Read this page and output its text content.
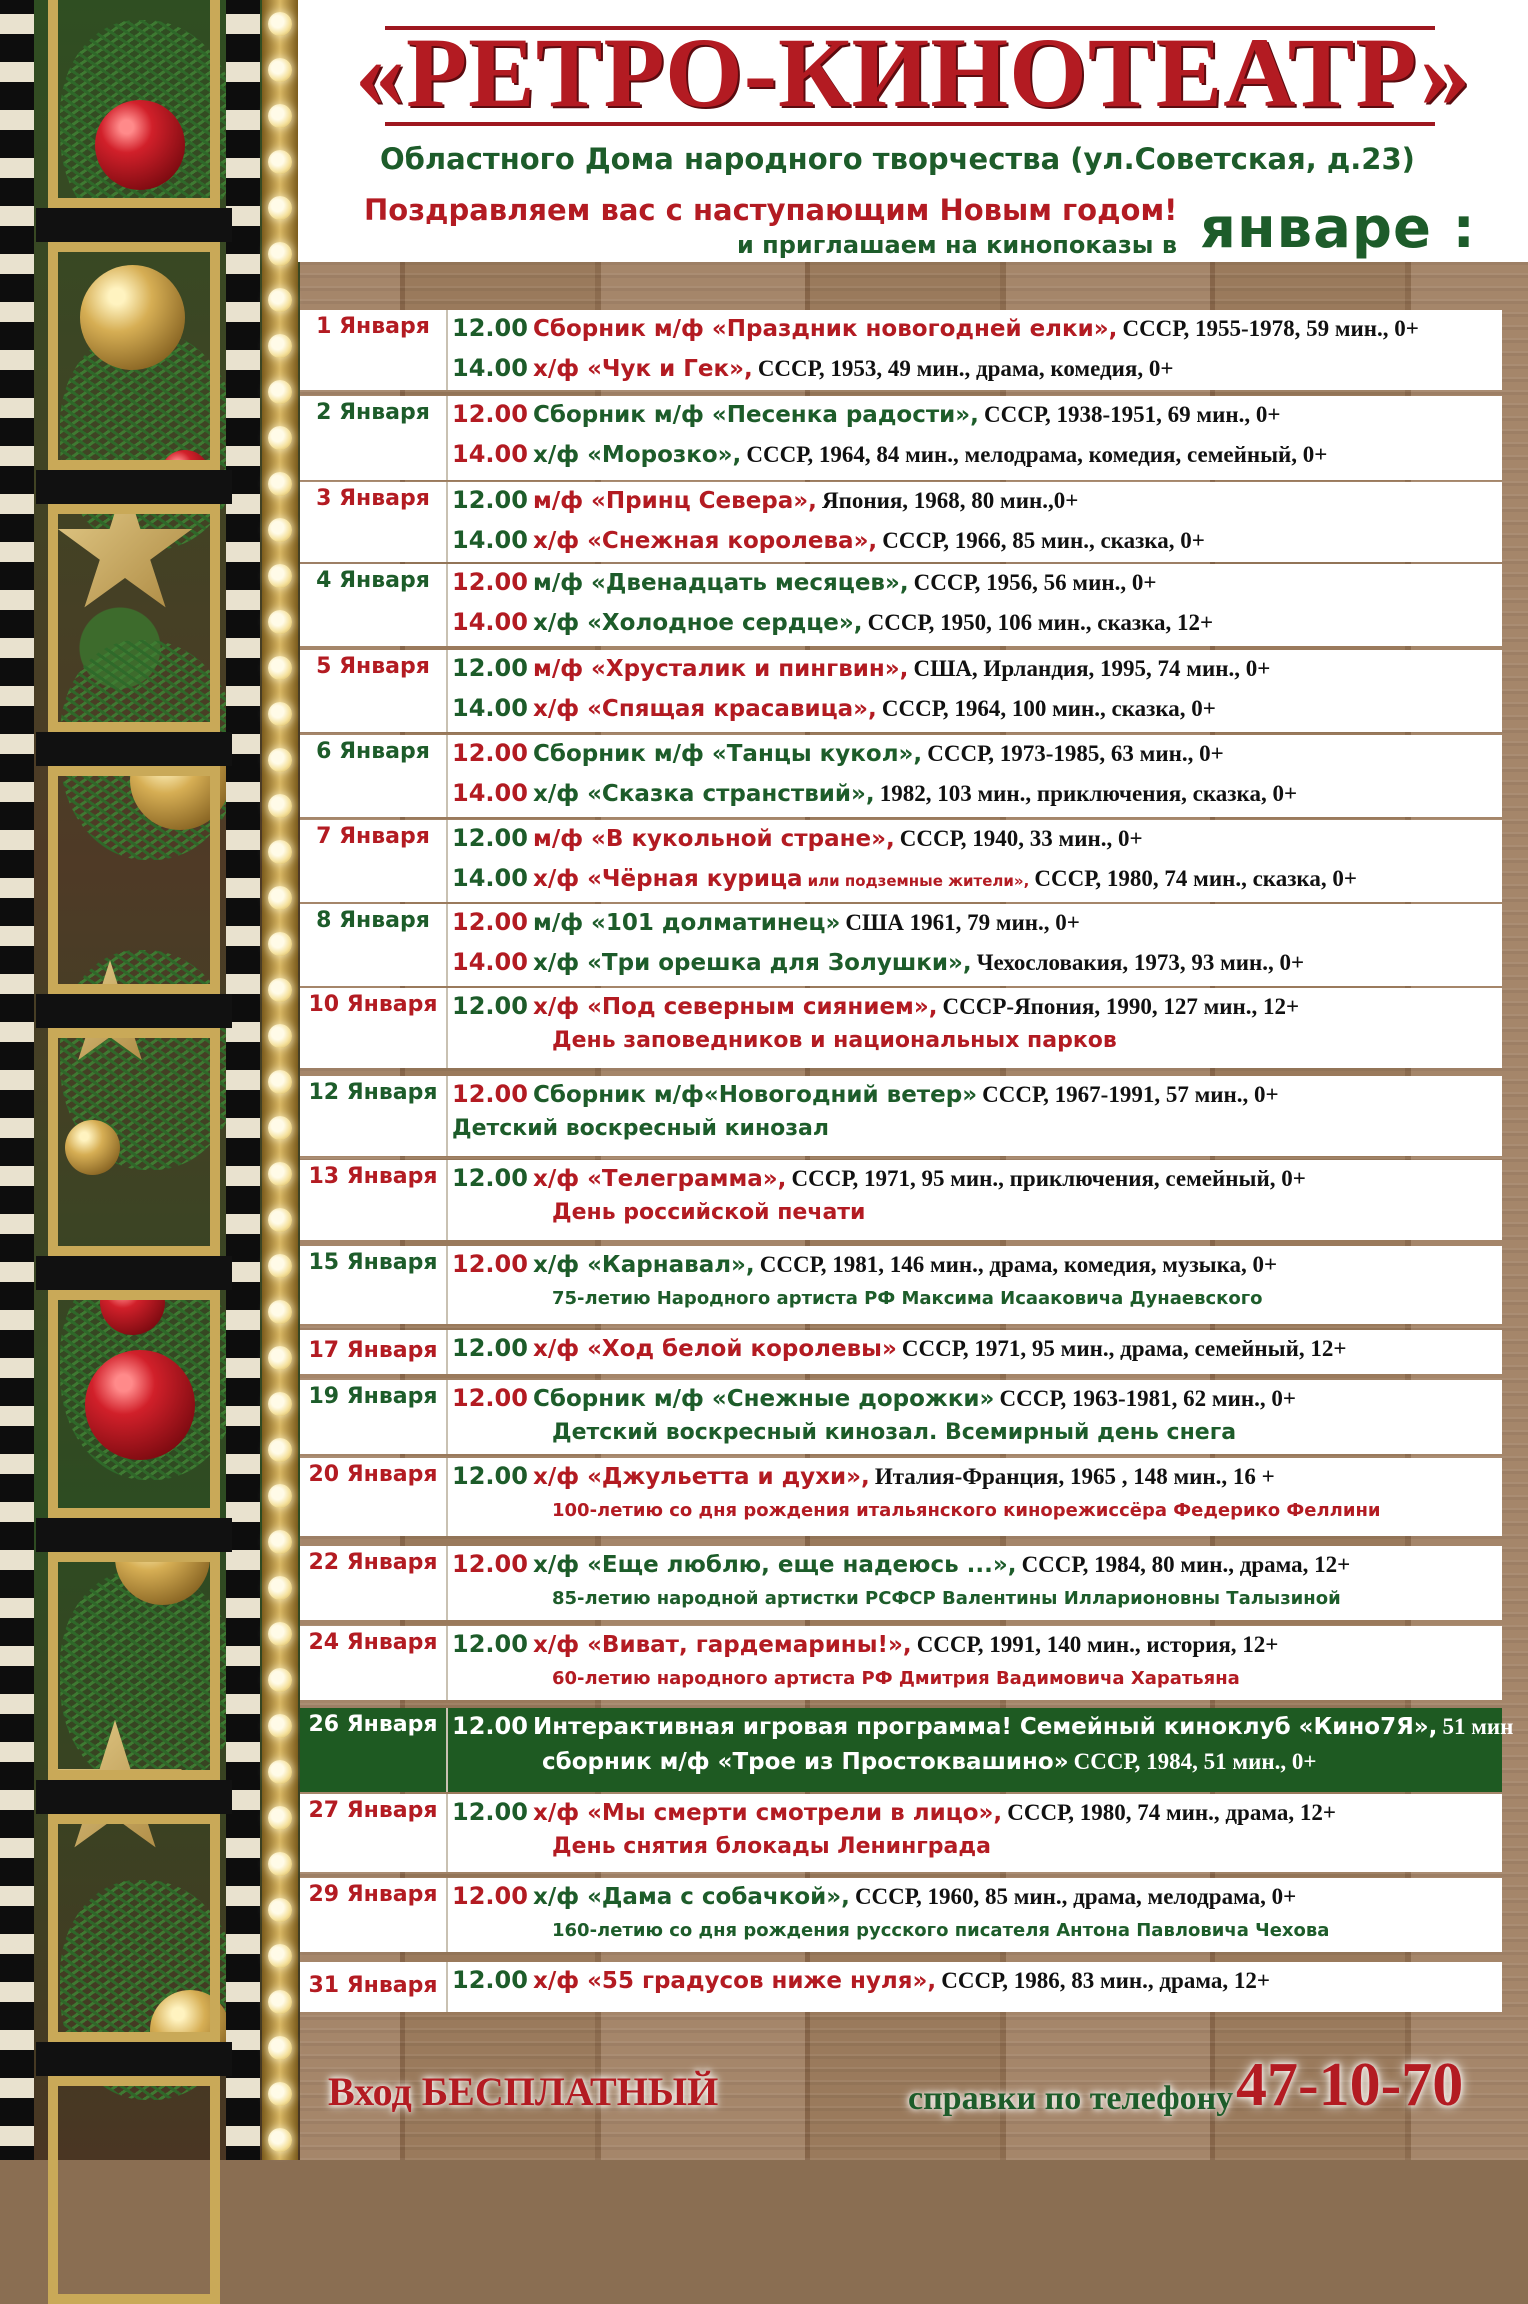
«РЕТРО-КИНОТЕАТР»
Областного Дома народного творчества (ул.Советская, д.23)
Поздравляем вас с наступающим Новым годом!
и приглашаем на кинопоказы в январе :
1 Января 12.00 Сборник м/ф «Праздник новогодней елки», СССР, 1955-1978, 59 мин., 0+
14.00 х/ф «Чук и Гек», СССР, 1953, 49 мин., драма, комедия, 0+
2 Января 12.00 Сборник м/ф «Песенка радости», СССР, 1938-1951, 69 мин., 0+
14.00 х/ф «Морозко», СССР, 1964, 84 мин., мелодрама, комедия, семейный, 0+
3 Января 12.00 м/ф «Принц Севера», Япония, 1968, 80 мин.,0+
14.00 х/ф «Снежная королева», СССР, 1966, 85 мин., сказка, 0+
4 Января 12.00 м/ф «Двенадцать месяцев», СССР, 1956, 56 мин., 0+
14.00 х/ф «Холодное сердце», СССР, 1950, 106 мин., сказка, 12+
5 Января 12.00 м/ф «Хрусталик и пингвин», США, Ирландия, 1995, 74 мин., 0+
14.00 х/ф «Спящая красавица», СССР, 1964, 100 мин., сказка, 0+
6 Января 12.00 Сборник м/ф «Танцы кукол», СССР, 1973-1985, 63 мин., 0+
14.00 х/ф «Сказка странствий», 1982, 103 мин., приключения, сказка, 0+
7 Января 12.00 м/ф «В кукольной стране», СССР, 1940, 33 мин., 0+
14.00 х/ф «Чёрная курица или подземные жители», СССР, 1980, 74 мин., сказка, 0+
8 Января 12.00 м/ф «101 долматинец» США 1961, 79 мин., 0+
14.00 х/ф «Три орешка для Золушки», Чехословакия, 1973, 93 мин., 0+
10 Января 12.00 х/ф «Под северным сиянием», СССР-Япония, 1990, 127 мин., 12+
День заповедников и национальных парков
12 Января 12.00 Сборник м/ф«Новогодний ветер» СССР, 1967-1991, 57 мин., 0+
Детский воскресный кинозал
13 Января 12.00 х/ф «Телеграмма», СССР, 1971, 95 мин., приключения, семейный, 0+
День российской печати
15 Января 12.00 х/ф «Карнавал», СССР, 1981, 146 мин., драма, комедия, музыка, 0+
75-летию Народного артиста РФ Максима Исааковича Дунаевского
17 Января 12.00 х/ф «Ход белой королевы» СССР, 1971, 95 мин., драма, семейный, 12+
19 Января 12.00 Сборник м/ф «Снежные дорожки» СССР, 1963-1981, 62 мин., 0+
Детский воскресный кинозал. Всемирный день снега
20 Января 12.00 х/ф «Джульетта и духи», Италия-Франция, 1965 , 148 мин., 16 +
100-летию со дня рождения итальянского кинорежиссёра Федерико Феллини
22 Января 12.00 х/ф «Еще люблю, еще надеюсь ...», СССР, 1984, 80 мин., драма, 12+
85-летию народной артистки РСФСР Валентины Илларионовны Талызиной
24 Января 12.00 х/ф «Виват, гардемарины!», СССР, 1991, 140 мин., история, 12+
60-летию народного артиста РФ Дмитрия Вадимовича Харатьяна
26 Января 12.00 Интерактивная игровая программа! Семейный киноклуб «Кино7Я», 51 мин
сборник м/ф «Трое из Простоквашино» СССР, 1984, 51 мин., 0+
27 Января 12.00 х/ф «Мы смерти смотрели в лицо», СССР, 1980, 74 мин., драма, 12+
День снятия блокады Ленинграда
29 Января 12.00 х/ф «Дама с собачкой», СССР, 1960, 85 мин., драма, мелодрама, 0+
160-летию со дня рождения русского писателя Антона Павловича Чехова
31 Января 12.00 х/ф «55 градусов ниже нуля», СССР, 1986, 83 мин., драма, 12+
Вход БЕСПЛАТНЫЙ	справки по телефону 47-10-70
